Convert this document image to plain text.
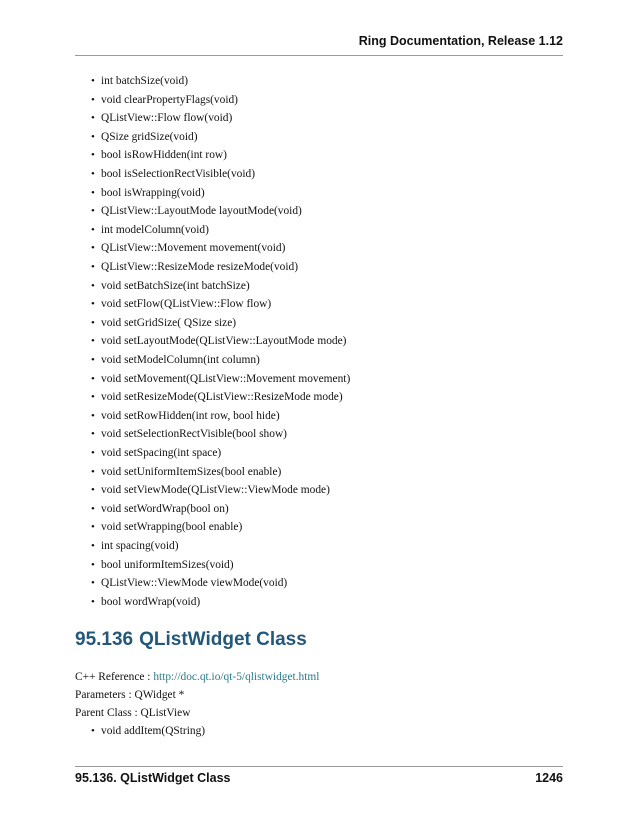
Ring Documentation, Release 1.12
• int batchSize(void)
• void clearPropertyFlags(void)
• QListView::Flow flow(void)
• QSize gridSize(void)
• bool isRowHidden(int row)
• bool isSelectionRectVisible(void)
• bool isWrapping(void)
• QListView::LayoutMode layoutMode(void)
• int modelColumn(void)
• QListView::Movement movement(void)
• QListView::ResizeMode resizeMode(void)
• void setBatchSize(int batchSize)
• void setFlow(QListView::Flow flow)
• void setGridSize( QSize size)
• void setLayoutMode(QListView::LayoutMode mode)
• void setModelColumn(int column)
• void setMovement(QListView::Movement movement)
• void setResizeMode(QListView::ResizeMode mode)
• void setRowHidden(int row, bool hide)
• void setSelectionRectVisible(bool show)
• void setSpacing(int space)
• void setUniformItemSizes(bool enable)
• void setViewMode(QListView::ViewMode mode)
• void setWordWrap(bool on)
• void setWrapping(bool enable)
• int spacing(void)
• bool uniformItemSizes(void)
• QListView::ViewMode viewMode(void)
• bool wordWrap(void)
95.136 QListWidget Class
C++ Reference : http://doc.qt.io/qt-5/qlistwidget.html
Parameters : QWidget *
Parent Class : QListView
• void addItem(QString)
95.136. QListWidget Class	1246
